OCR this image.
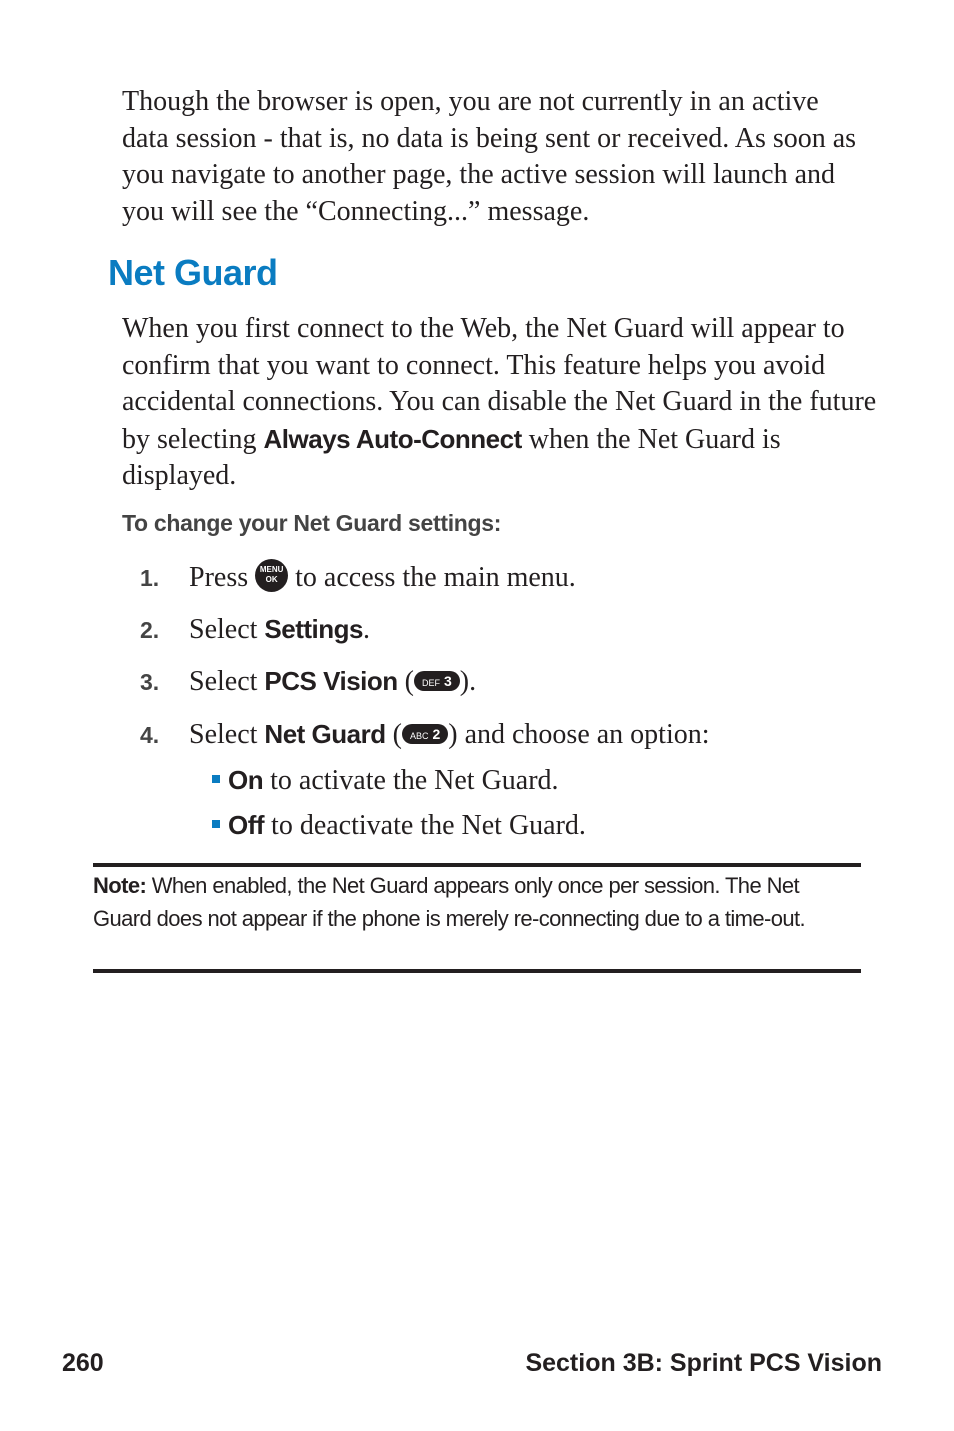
Though the browser is open, you are not currently in an active data session - that is, no data is being sent or received. As soon as you navigate to another page, the active session will launch and you will see the “Connecting...” message.

Net Guard

When you first connect to the Web, the Net Guard will appear to confirm that you want to connect. This feature helps you avoid accidental connections. You can disable the Net Guard in the future by selecting Always Auto-Connect when the Net Guard is displayed.

To change your Net Guard settings:

1. Press MENU
OK to access the main menu.
2. Select Settings.
3. Select PCS Vision ( DEF 3 ).
4. Select Net Guard ( ABC 2 ) and choose an option:
On to activate the Net Guard.
Off to deactivate the Net Guard.

Note: When enabled, the Net Guard appears only once per session. The Net Guard does not appear if the phone is merely re-connecting due to a time-out.

260	Section 3B: Sprint PCS Vision
